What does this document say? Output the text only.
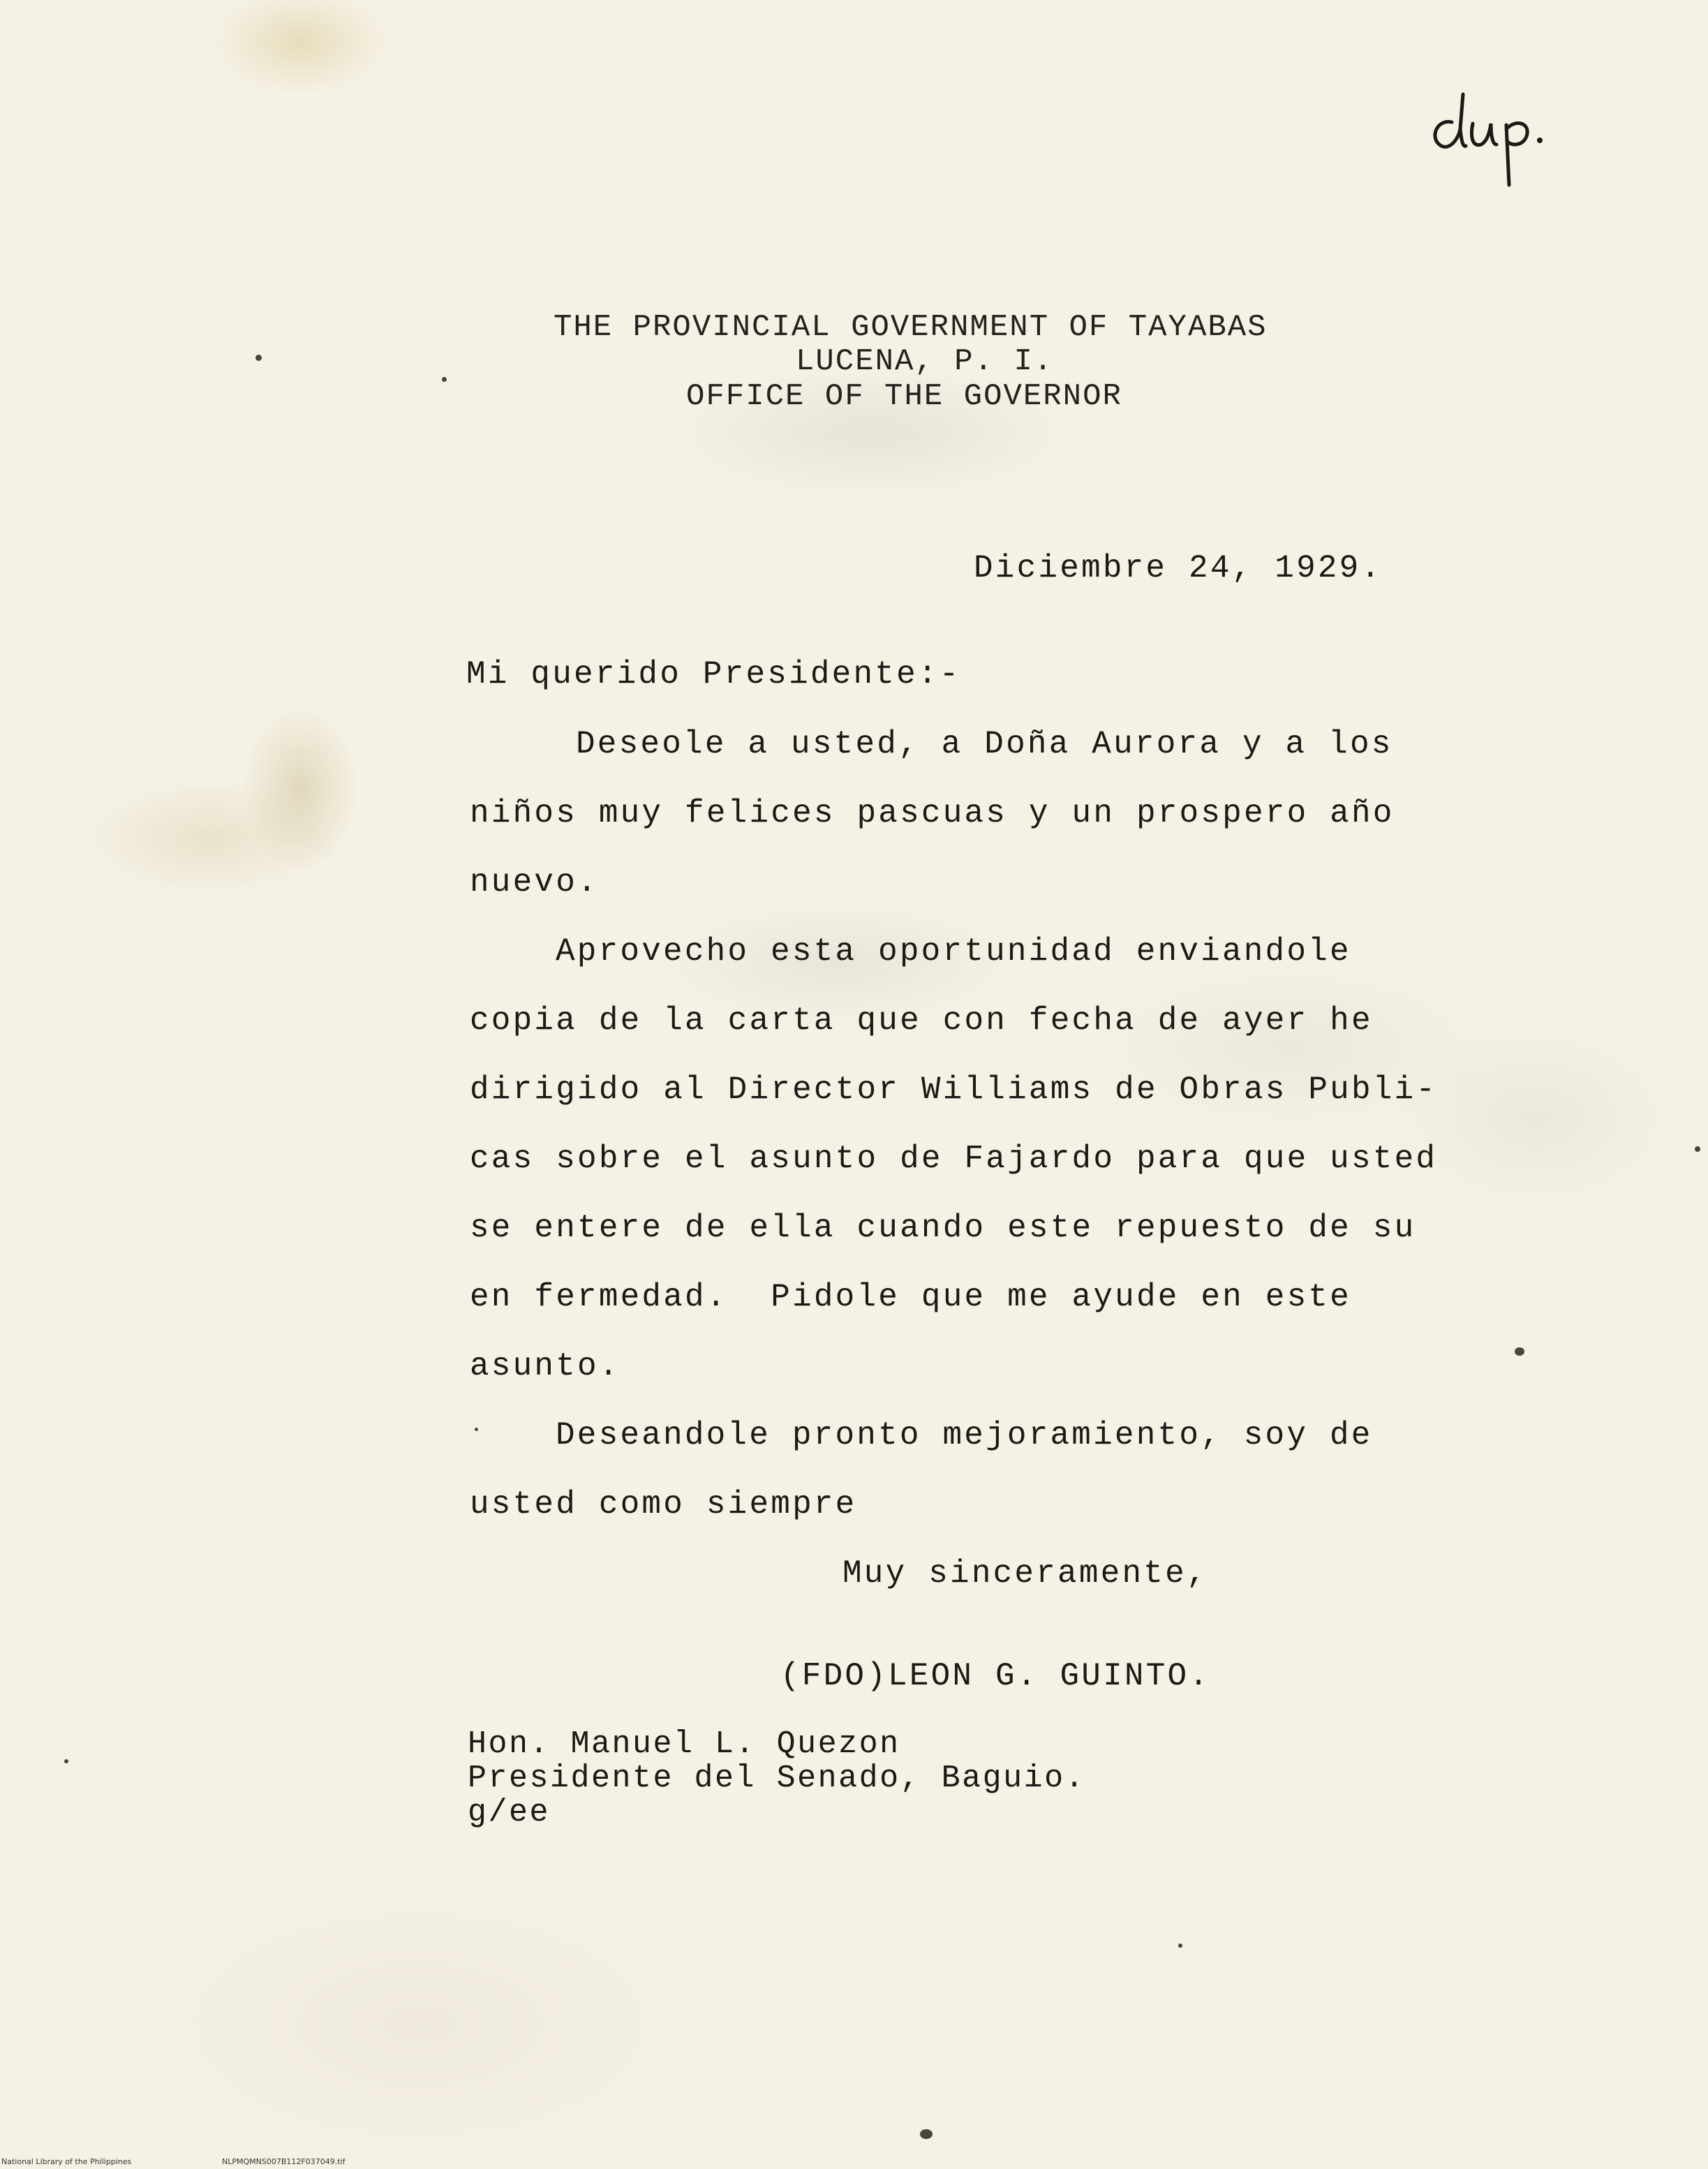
THE PROVINCIAL GOVERNMENT OF TAYABAS
LUCENA, P. I.
OFFICE OF THE GOVERNOR
Diciembre 24, 1929.
Mi querido Presidente:-
Deseole a usted, a Doña Aurora y a los
niños muy felices pascuas y un prospero año
nuevo.
Aprovecho esta oportunidad enviandole
copia de la carta que con fecha de ayer he
dirigido al Director Williams de Obras Publi-
cas sobre el asunto de Fajardo para que usted
se entere de ella cuando este repuesto de su
en fermedad.  Pidole que me ayude en este
asunto.
Deseandole pronto mejoramiento, soy de
usted como siempre
Muy sinceramente,
(FDO)LEON G. GUINTO.
Hon. Manuel L. Quezon
Presidente del Senado, Baguio.
g/ee
National Library of the Philippines	NLPMQMNS007B112F037049.tif
